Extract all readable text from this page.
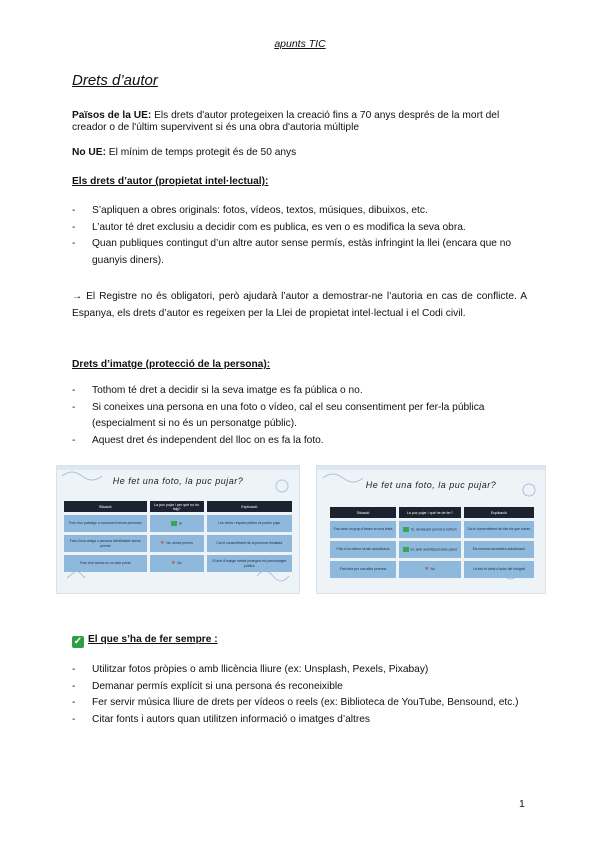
apunts TIC
Drets d’autor
Països de la UE: Els drets d'autor protegeixen la creació fins a 70 anys després de la mort del creador o de l'últim supervivent si és una obra d'autoria múltiple
No UE: El mínim de temps protegit és de 50 anys
Els drets d’autor (propietat intel·lectual):
- S’apliquen a obres originals: fotos, vídeos, textos, músiques, dibuixos, etc.
- L’autor té dret exclusiu a decidir com es publica, es ven o es modifica la seva obra.
- Quan publiques contingut d’un altre autor sense permís, estàs infringint la llei (encara que no guanyis diners).
→ El Registre no és obligatori, però ajudarà l’autor a demostrar-ne l’autoria en cas de conflicte. A Espanya, els drets d’autor es regeixen per la Llei de propietat intel·lectual i el Codi civil.
Drets d’imatge (protecció de la persona):
- Tothom té dret a decidir si la seva imatge es fa pública o no.
- Si coneixes una persona en una foto o vídeo, cal el seu consentiment per fer-la pública (especialment si no és un personatge públic).
- Aquest dret és independent del lloc on es fa la foto.
He fet una foto, la puc pujar?
Situació	La puc pujar / per què no ho faig?	Explicació
Foto d’un paisatge o monument sense persones	Sí	Les obres i espais públics es poden pujar
Foto d’una amiga o persona identificable sense permís	✕ No, sense permís	Cal el consentiment de la persona retratada
Foto d’un famós en un acte privat	✕ No	El dret d’imatge també protegeix els personatges públics
He fet una foto, la puc pujar?
Situació	La puc pujar / què he de fer?	Explicació
Foto amb un grup d’amics en una festa	Sí, demanant permís a tothom	Cal el consentiment de tots els que surten
Foto d’un menor sense autorització	Sí, amb autorització dels pares	Els menors necessiten autorització
Foto feta per una altra persona	✕ No	La foto té drets d’autor del fotògraf
✓ El que s’ha de fer sempre :
- Utilitzar fotos pròpies o amb llicència lliure (ex: Unsplash, Pexels, Pixabay)
- Demanar permís explícit si una persona és reconeixible
- Fer servir música lliure de drets per vídeos o reels (ex: Biblioteca de YouTube, Bensound, etc.)
- Citar fonts i autors quan utilitzen informació o imatges d’altres
1
